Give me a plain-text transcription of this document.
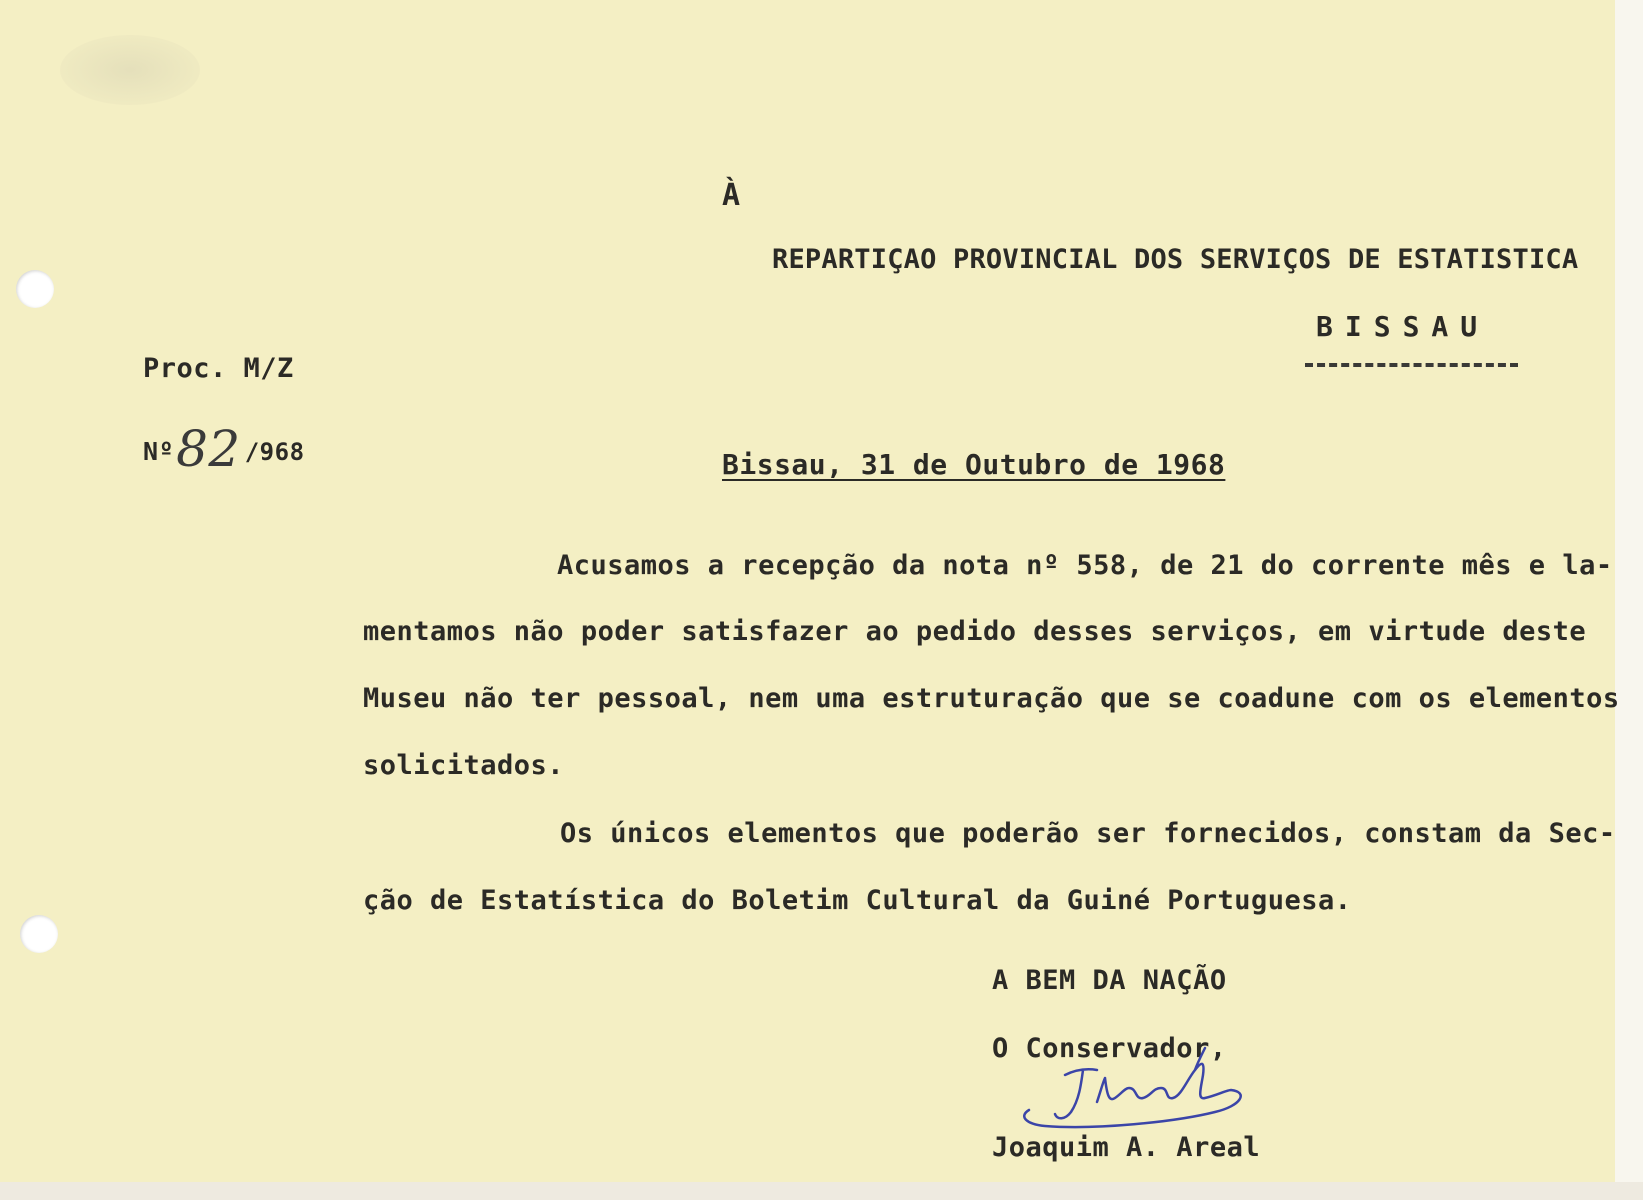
À
REPARTIÇAO PROVINCIAL DOS SERVIÇOS DE ESTATISTICA
BISSAU
Proc. M/Z
Nº82 /968	Bissau, 31 de Outubro de 1968
Acusamos a recepção da nota nº 558, de 21 do corrente mês e la-
mentamos não poder satisfazer ao pedido desses serviços, em virtude deste
Museu não ter pessoal, nem uma estruturação que se coadune com os elementos
solicitados.
Os únicos elementos que poderão ser fornecidos, constam da Sec-
ção de Estatística do Boletim Cultural da Guiné Portuguesa.
A BEM DA NAÇÃO
O Conservador,
Joaquim A. Areal
